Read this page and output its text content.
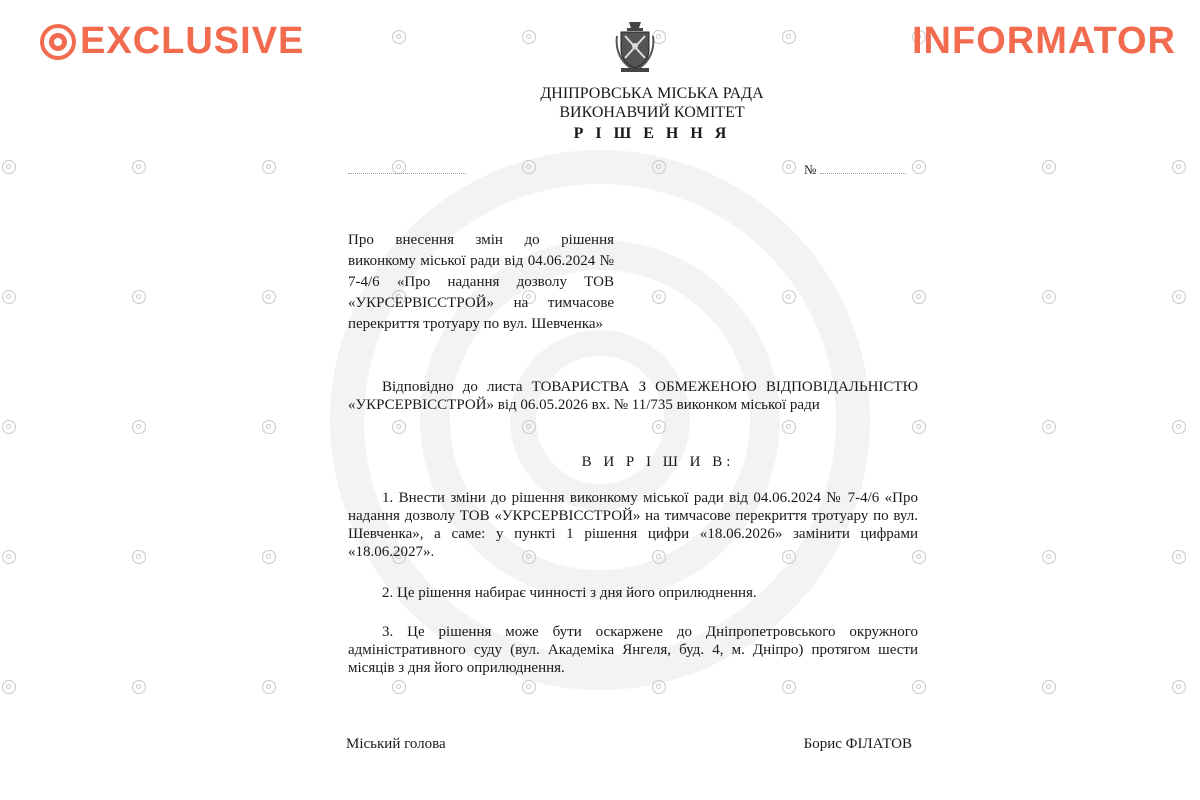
EXCLUSIVE	INFORMATOR
ДНІПРОВСЬКА МІСЬКА РАДА
ВИКОНАВЧИЙ КОМІТЕТ
Р І Ш Е Н Н Я
№
Про внесення змін до рішення виконкому міської ради від 04.06.2024 № 7-4/6 «Про надання дозволу ТОВ «УКРСЕРВІССТРОЙ» на тимчасове перекриття тротуару по вул. Шевченка»
Відповідно до листа ТОВАРИСТВА З ОБМЕЖЕНОЮ ВІДПОВІДАЛЬНІСТЮ «УКРСЕРВІССТРОЙ» від 06.05.2026 вх. № 11/735 виконком міської ради
В И Р І Ш И В:
1. Внести зміни до рішення виконкому міської ради від 04.06.2024 № 7-4/6 «Про надання дозволу ТОВ «УКРСЕРВІССТРОЙ» на тимчасове перекриття тротуару по вул. Шевченка», а саме: у пункті 1 рішення цифри «18.06.2026» замінити цифрами «18.06.2027».
2. Це рішення набирає чинності з дня його оприлюднення.
3. Це рішення може бути оскаржене до Дніпропетровського окружного адміністративного суду (вул. Академіка Янгеля, буд. 4, м. Дніпро) протягом шести місяців з дня його оприлюднення.
Міський голова	Борис ФІЛАТОВ
